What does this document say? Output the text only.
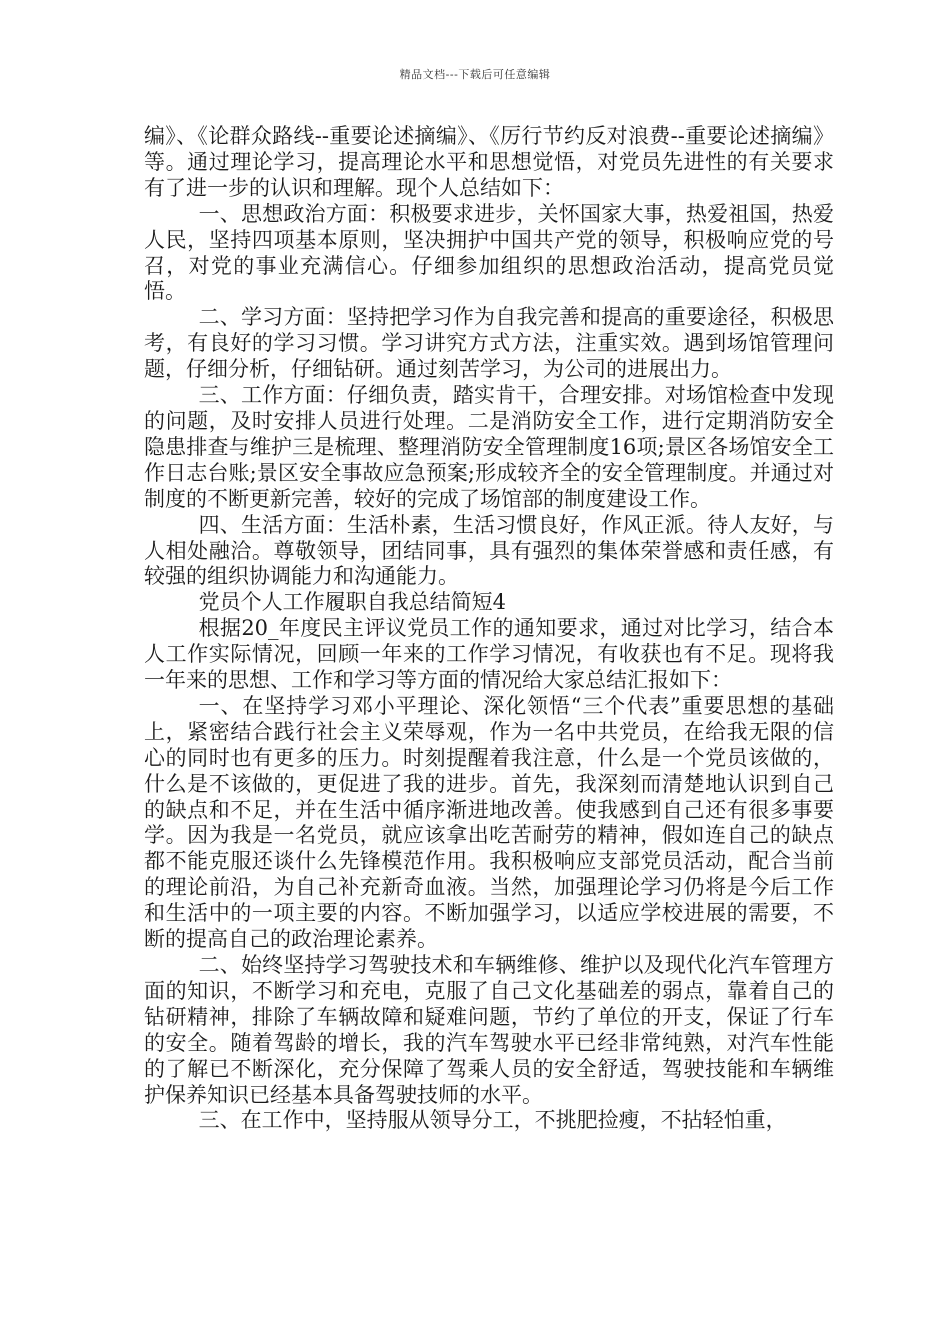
精品文档---下载后可任意编辑

编》、《论群众路线--重要论述摘编》、《厉行节约反对浪费--重要论述摘编》等。通过理论学习，提高理论水平和思想觉悟，对党员先进性的有关要求有了进一步的认识和理解。现个人总结如下：

一、思想政治方面：积极要求进步，关怀国家大事，热爱祖国，热爱人民，坚持四项基本原则，坚决拥护中国共产党的领导，积极响应党的号召，对党的事业充满信心。仔细参加组织的思想政治活动，提高党员觉悟。

二、学习方面：坚持把学习作为自我完善和提高的重要途径，积极思考，有良好的学习习惯。学习讲究方式方法，注重实效。遇到场馆管理问题，仔细分析，仔细钻研。通过刻苦学习，为公司的进展出力。

三、工作方面：仔细负责，踏实肯干，合理安排。对场馆检查中发现的问题，及时安排人员进行处理。二是消防安全工作，进行定期消防安全隐患排查与维护三是梳理、整理消防安全管理制度16项;景区各场馆安全工作日志台账;景区安全事故应急预案;形成较齐全的安全管理制度。并通过对制度的不断更新完善，较好的完成了场馆部的制度建设工作。

四、生活方面：生活朴素，生活习惯良好，作风正派。待人友好，与人相处融洽。尊敬领导，团结同事，具有强烈的集体荣誉感和责任感，有较强的组织协调能力和沟通能力。

党员个人工作履职自我总结简短4

根据20_年度民主评议党员工作的通知要求，通过对比学习，结合本人工作实际情况，回顾一年来的工作学习情况，有收获也有不足。现将我一年来的思想、工作和学习等方面的情况给大家总结汇报如下：

一、在坚持学习邓小平理论、深化领悟“三个代表”重要思想的基础上，紧密结合践行社会主义荣辱观，作为一名中共党员，在给我无限的信心的同时也有更多的压力。时刻提醒着我注意，什么是一个党员该做的，什么是不该做的，更促进了我的进步。首先，我深刻而清楚地认识到自己的缺点和不足，并在生活中循序渐进地改善。使我感到自己还有很多事要学。因为我是一名党员，就应该拿出吃苦耐劳的精神，假如连自己的缺点都不能克服还谈什么先锋模范作用。我积极响应支部党员活动，配合当前的理论前沿，为自己补充新奇血液。当然，加强理论学习仍将是今后工作和生活中的一项主要的内容。不断加强学习，以适应学校进展的需要，不断的提高自己的政治理论素养。

二、始终坚持学习驾驶技术和车辆维修、维护以及现代化汽车管理方面的知识，不断学习和充电，克服了自己文化基础差的弱点，靠着自己的钻研精神，排除了车辆故障和疑难问题，节约了单位的开支，保证了行车的安全。随着驾龄的增长，我的汽车驾驶水平已经非常纯熟，对汽车性能的了解已不断深化，充分保障了驾乘人员的安全舒适，驾驶技能和车辆维护保养知识已经基本具备驾驶技师的水平。

三、在工作中，坚持服从领导分工，不挑肥捡瘦，不拈轻怕重，
